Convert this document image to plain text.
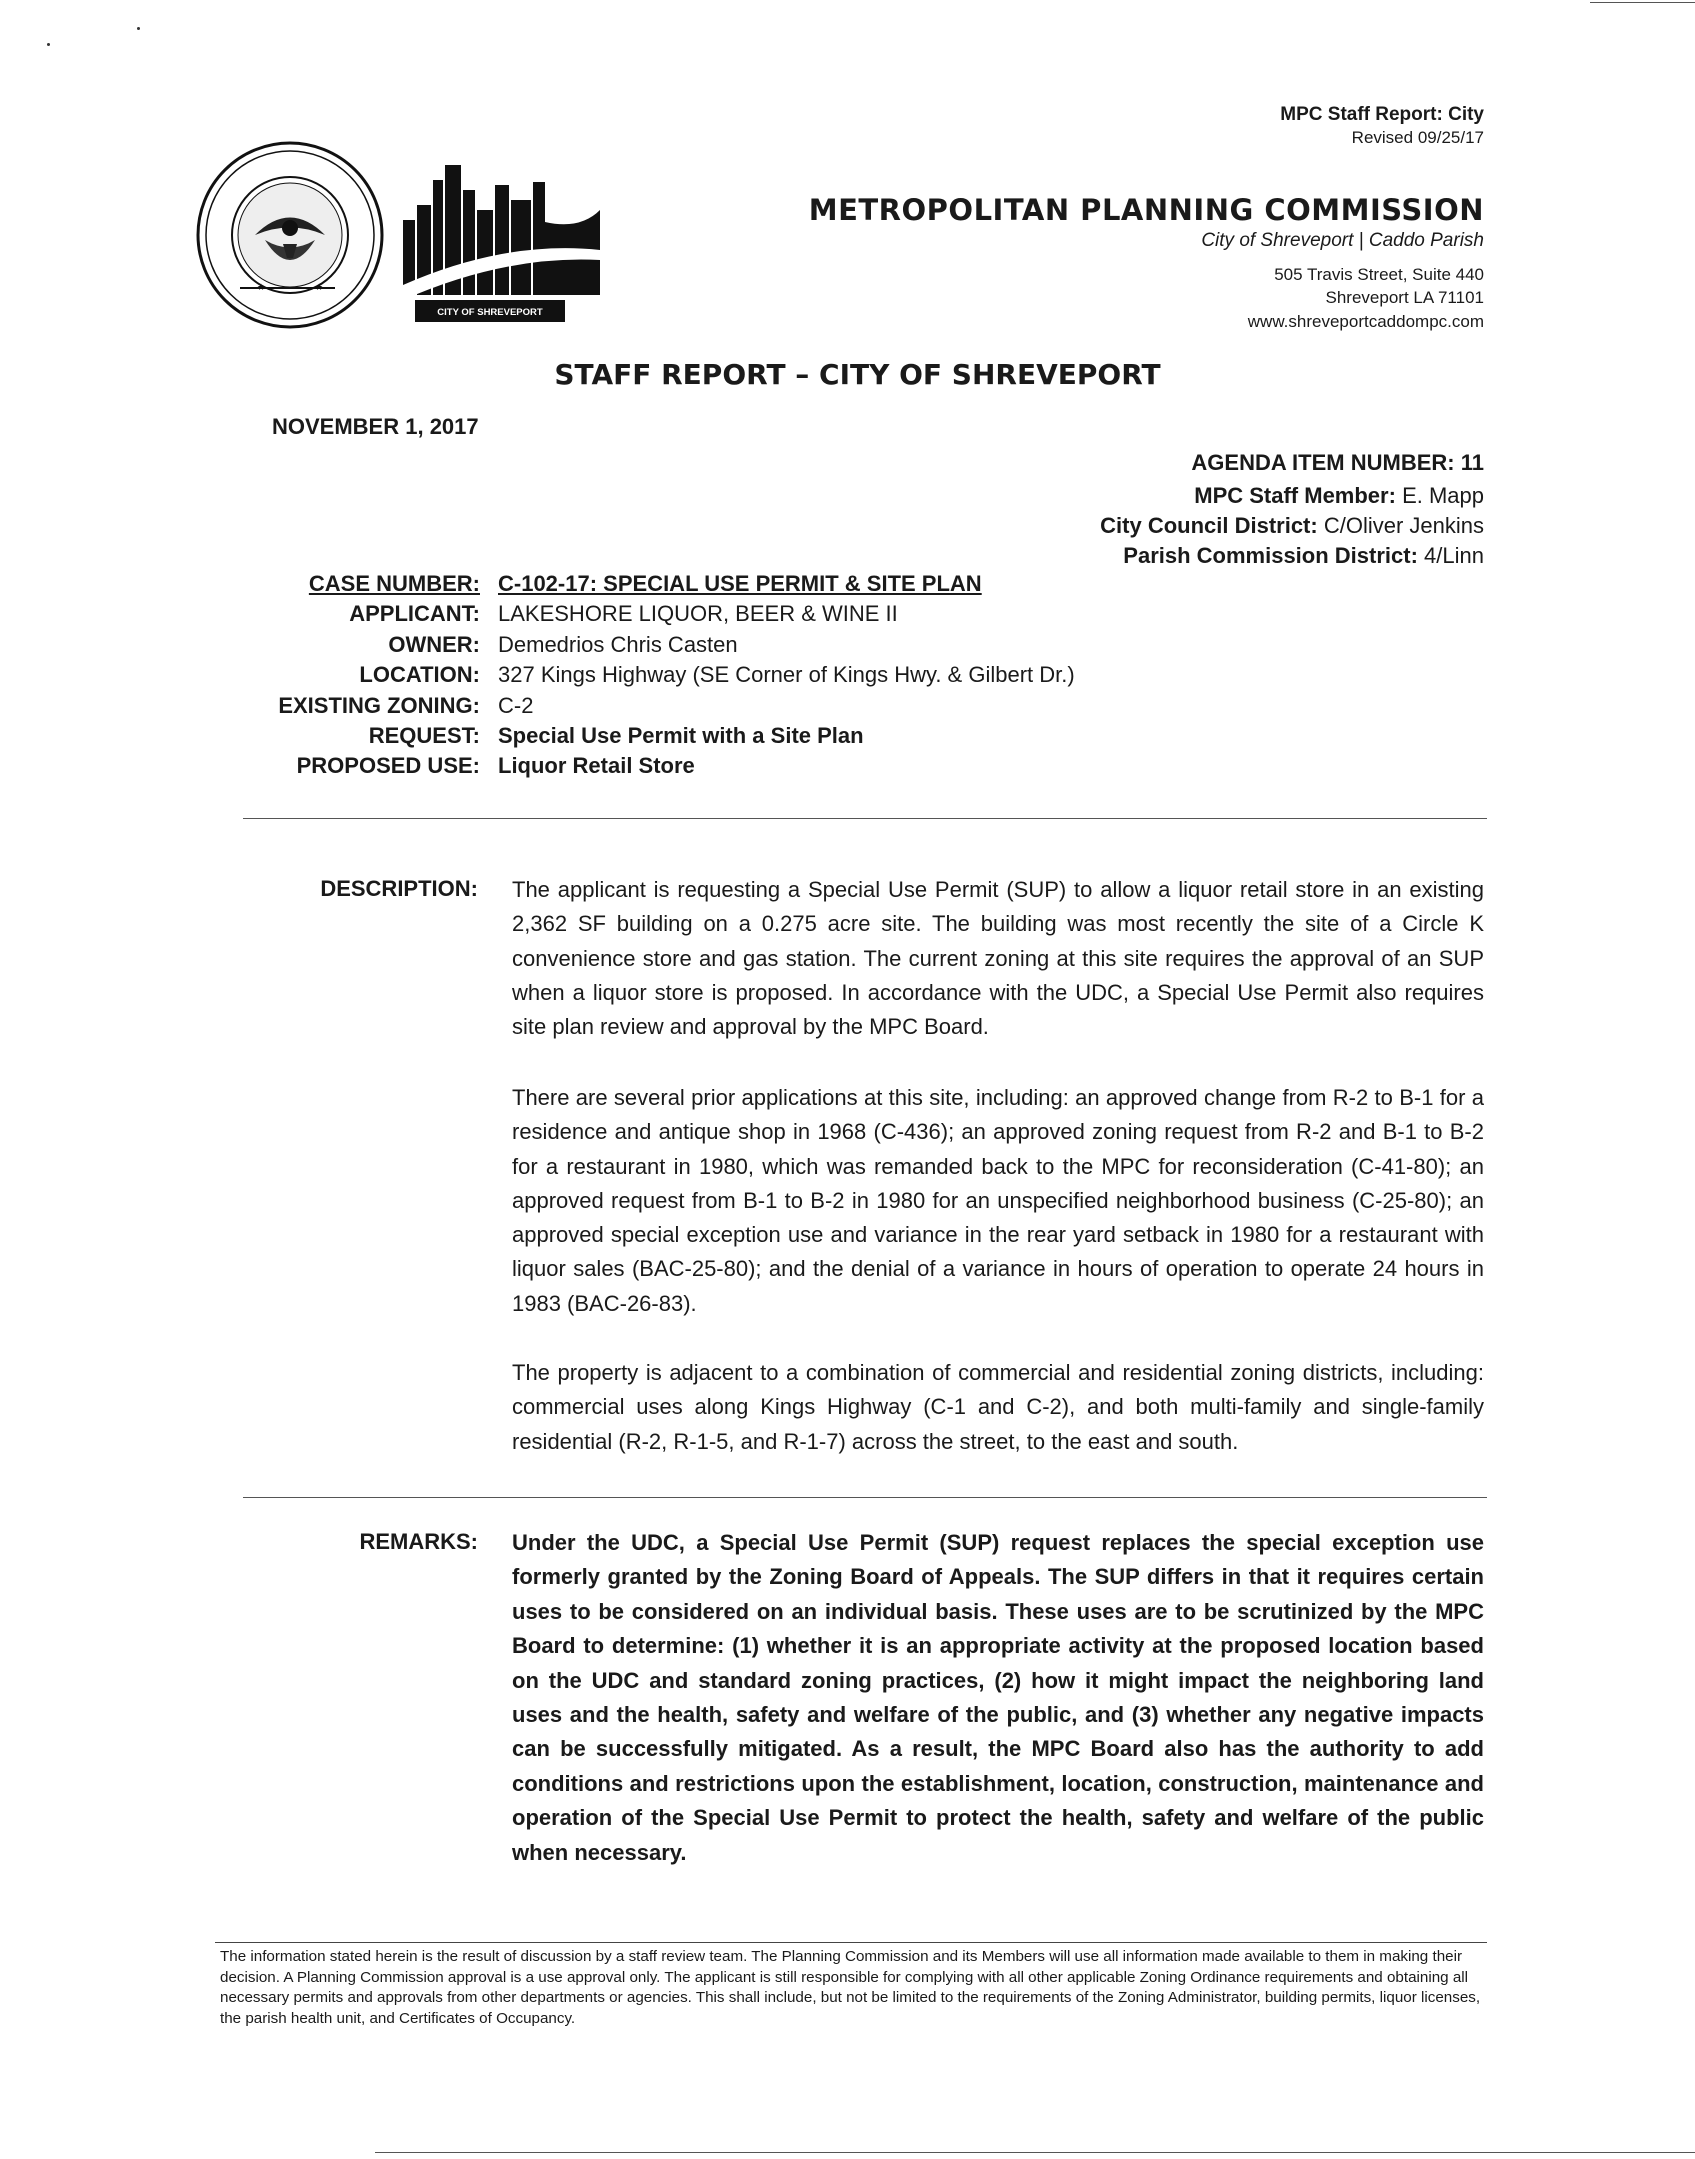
★	★
CITY OF SHREVEPORT
MPC Staff Report: City
Revised 09/25/17
METROPOLITAN PLANNING COMMISSION
City of Shreveport | Caddo Parish
505 Travis Street, Suite 440
Shreveport LA 71101
www.shreveportcaddompc.com
STAFF REPORT – CITY OF SHREVEPORT
NOVEMBER 1, 2017
AGENDA ITEM NUMBER: 11
MPC Staff Member: E. Mapp
City Council District: C/Oliver Jenkins
Parish Commission District: 4/Linn
CASE NUMBER: C-102-17: SPECIAL USE PERMIT & SITE PLAN
APPLICANT: LAKESHORE LIQUOR, BEER & WINE II
OWNER: Demedrios Chris Casten
LOCATION: 327 Kings Highway (SE Corner of Kings Hwy. & Gilbert Dr.)
EXISTING ZONING: C-2
REQUEST: Special Use Permit with a Site Plan
PROPOSED USE: Liquor Retail Store
DESCRIPTION: The applicant is requesting a Special Use Permit (SUP) to allow a liquor retail store in an existing 2,362 SF building on a 0.275 acre site. The building was most recently the site of a Circle K convenience store and gas station. The current zoning at this site requires the approval of an SUP when a liquor store is proposed. In accordance with the UDC, a Special Use Permit also requires site plan review and approval by the MPC Board.
There are several prior applications at this site, including: an approved change from R-2 to B-1 for a residence and antique shop in 1968 (C-436); an approved zoning request from R-2 and B-1 to B-2 for a restaurant in 1980, which was remanded back to the MPC for reconsideration (C-41-80); an approved request from B-1 to B-2 in 1980 for an unspecified neighborhood business (C-25-80); an approved special exception use and variance in the rear yard setback in 1980 for a restaurant with liquor sales (BAC-25-80); and the denial of a variance in hours of operation to operate 24 hours in 1983 (BAC-26-83).
The property is adjacent to a combination of commercial and residential zoning districts, including: commercial uses along Kings Highway (C-1 and C-2), and both multi-family and single-family residential (R-2, R-1-5, and R-1-7) across the street, to the east and south.
REMARKS: Under the UDC, a Special Use Permit (SUP) request replaces the special exception use formerly granted by the Zoning Board of Appeals. The SUP differs in that it requires certain uses to be considered on an individual basis. These uses are to be scrutinized by the MPC Board to determine: (1) whether it is an appropriate activity at the proposed location based on the UDC and standard zoning practices, (2) how it might impact the neighboring land uses and the health, safety and welfare of the public, and (3) whether any negative impacts can be successfully mitigated. As a result, the MPC Board also has the authority to add conditions and restrictions upon the establishment, location, construction, maintenance and operation of the Special Use Permit to protect the health, safety and welfare of the public when necessary.
The information stated herein is the result of discussion by a staff review team. The Planning Commission and its Members will use all information made available to them in making their decision. A Planning Commission approval is a use approval only. The applicant is still responsible for complying with all other applicable Zoning Ordinance requirements and obtaining all necessary permits and approvals from other departments or agencies. This shall include, but not be limited to the requirements of the Zoning Administrator, building permits, liquor licenses, the parish health unit, and Certificates of Occupancy.
